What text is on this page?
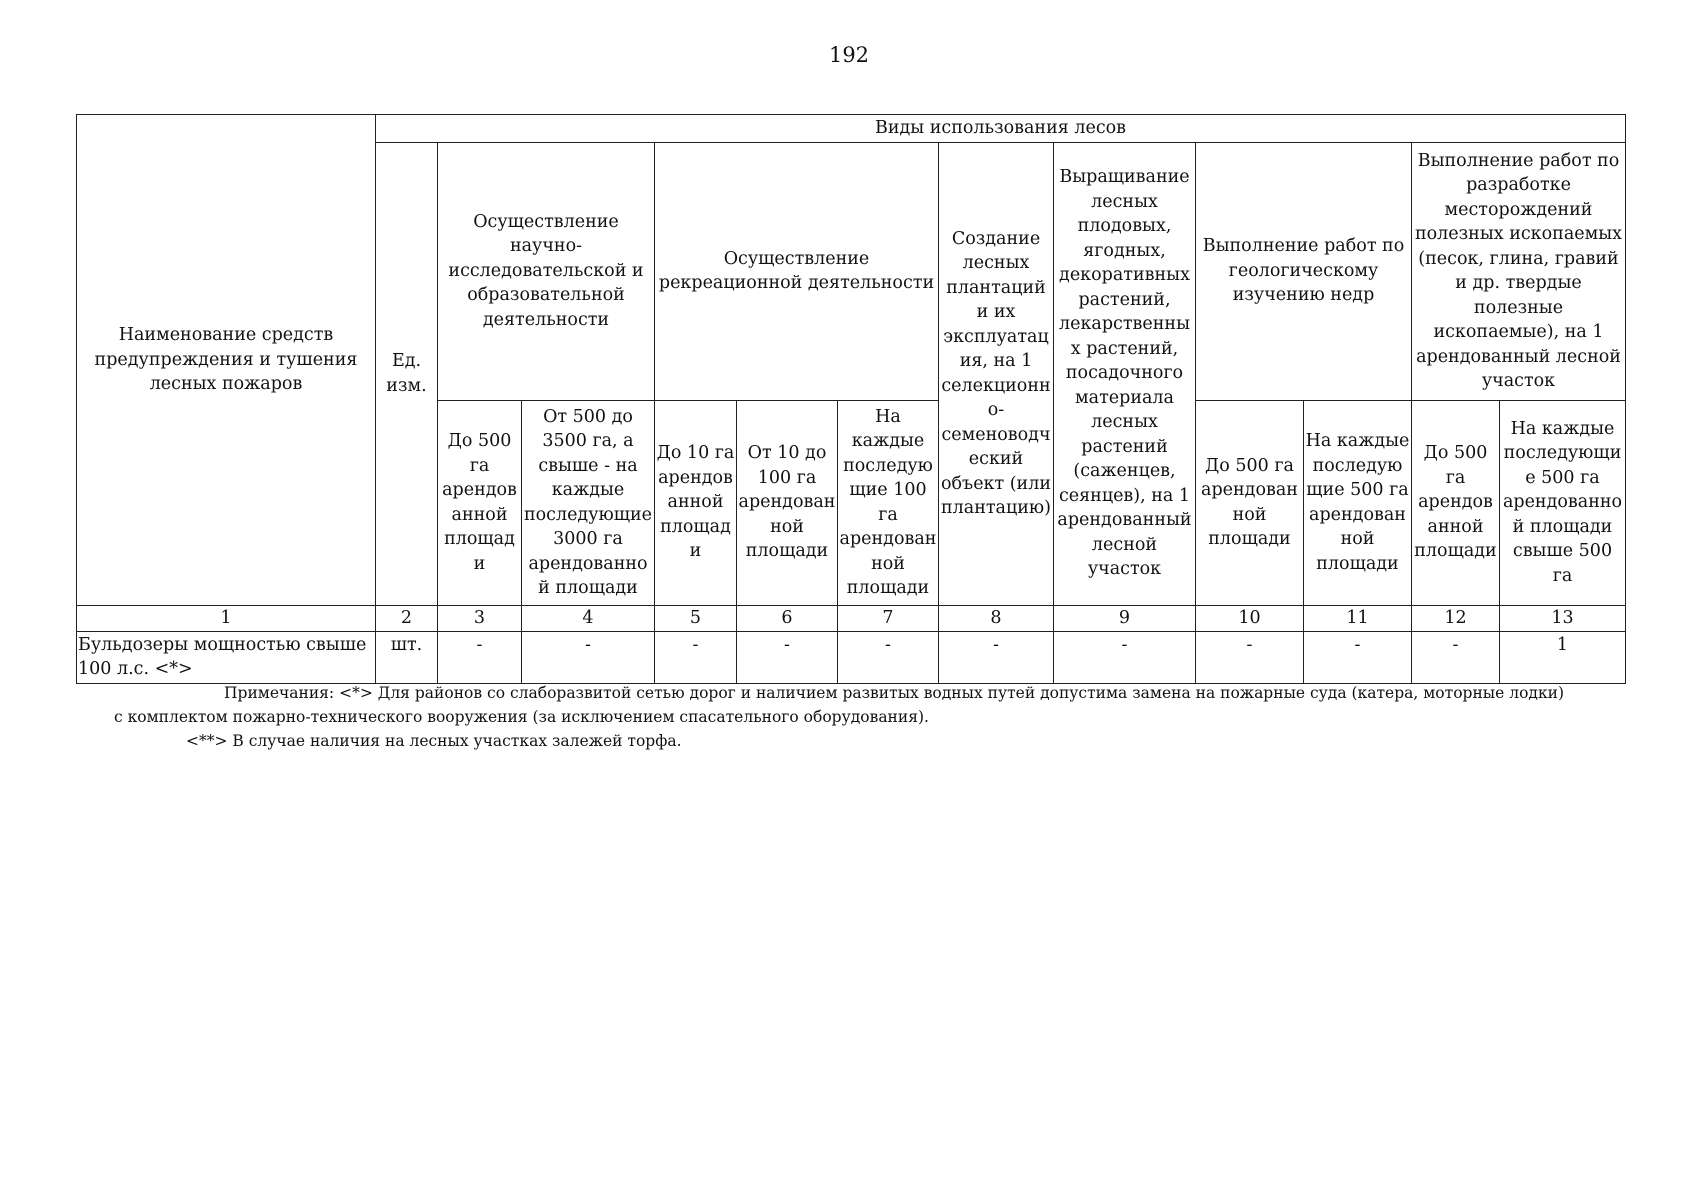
192
Наименование средств предупреждения и тушения лесных пожаров	Виды использования лесов											
	Ед. изм.	Осуществление научно-исследовательской и образовательной деятельности		Осуществление рекреационной деятельности			Создание лесных плантаций и их эксплуатация, на 1 селекционно-семеноводческий объект (или плантацию)	Выращивание лесных плодовых, ягодных, декоративных растений, лекарственных растений, посадочного материала лесных растений (саженцев, сеянцев), на 1 арендованный лесной участок	Выполнение работ по геологическому изучению недр		Выполнение работ по разработке месторождений полезных ископаемых (песок, глина, гравий и др. твердые полезные ископаемые), на 1 арендованный лесной участок	
		До 500 га арендованной площади	От 500 до 3500 га, а свыше - на каждые последующие 3000 га арендованной площади	До 10 га арендованной площади	От 10 до 100 га арендованной площади	На каждые последующие 100 га арендованной площади			До 500 га арендованной площади	На каждые последующие 500 га арендованной площади	До 500 га арендованной площади	На каждые последующие 500 га арендованной площади свыше 500 га
1	2	3	4	5	6	7	8	9	10	11	12	13
Бульдозеры мощностью свыше 100 л.с. <*>	шт.	-	-	-	-	-	-	-	-	-	-	1

Примечания: <*> Для районов со слаборазвитой сетью дорог и наличием развитых водных путей допустима замена на пожарные суда (катера, моторные лодки)

с комплектом пожарно-технического вооружения (за исключением спасательного оборудования).

<**> В случае наличия на лесных участках залежей торфа.
